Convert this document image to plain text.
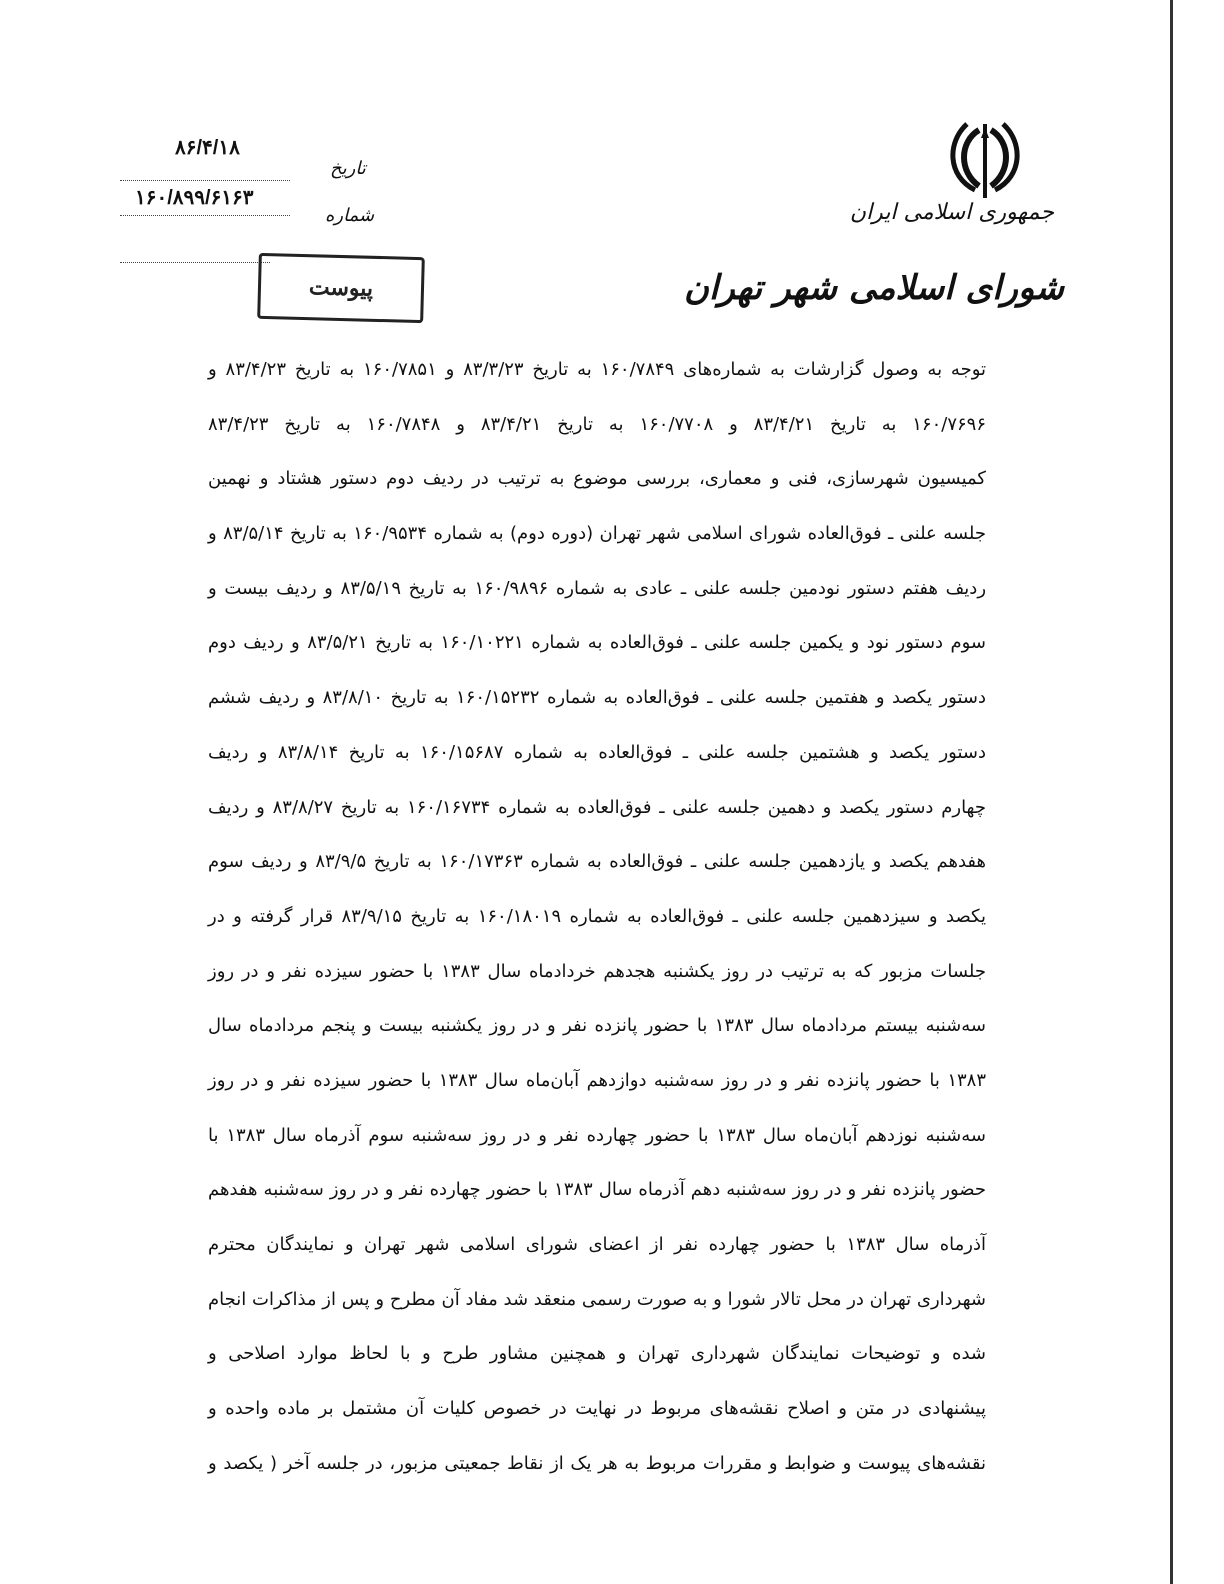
جمهوری اسلامی ایران
شورای اسلامی شهر تهران
۸۶/۴/۱۸
۱۶۰/۸۹۹/۶۱۶۳
تاریخ
شماره
پیوست
توجه به وصول گزارشات به شماره‌های ۱۶۰/۷۸۴۹ به تاریخ ۸۳/۳/۲۳ و ۱۶۰/۷۸۵۱ به تاریخ ۸۳/۴/۲۳ و
۱۶۰/۷۶۹۶ به تاریخ ۸۳/۴/۲۱ و ۱۶۰/۷۷۰۸ به تاریخ ۸۳/۴/۲۱ و ۱۶۰/۷۸۴۸ به تاریخ ۸۳/۴/۲۳
کمیسیون شهرسازی، فنی و معماری، بررسی موضوع به ترتیب در ردیف دوم دستور هشتاد و نهمین
جلسه علنی ـ فوق‌العاده شورای اسلامی شهر تهران (دوره دوم) به شماره ۱۶۰/۹۵۳۴ به تاریخ ۸۳/۵/۱۴ و
ردیف هفتم دستور نودمین جلسه علنی ـ عادی به شماره ۱۶۰/۹۸۹۶ به تاریخ ۸۳/۵/۱۹ و ردیف بیست و
سوم دستور نود و یکمین جلسه علنی ـ فوق‌العاده به شماره ۱۶۰/۱۰۲۲۱ به تاریخ ۸۳/۵/۲۱ و ردیف دوم
دستور یکصد و هفتمین جلسه علنی ـ فوق‌العاده به شماره ۱۶۰/۱۵۲۳۲ به تاریخ ۸۳/۸/۱۰ و ردیف ششم
دستور یکصد و هشتمین جلسه علنی ـ فوق‌العاده به شماره ۱۶۰/۱۵۶۸۷ به تاریخ ۸۳/۸/۱۴ و ردیف
چهارم دستور یکصد و دهمین جلسه علنی ـ فوق‌العاده به شماره ۱۶۰/۱۶۷۳۴ به تاریخ ۸۳/۸/۲۷ و ردیف
هفدهم یکصد و یازدهمین جلسه علنی ـ فوق‌العاده به شماره ۱۶۰/۱۷۳۶۳ به تاریخ ۸۳/۹/۵ و ردیف سوم
یکصد و سیزدهمین جلسه علنی ـ فوق‌العاده به شماره ۱۶۰/۱۸۰۱۹ به تاریخ ۸۳/۹/۱۵ قرار گرفته و در
جلسات مزبور که به ترتیب در روز یکشنبه هجدهم خردادماه سال ۱۳۸۳ با حضور سیزده نفر و در روز
سه‌شنبه بیستم مردادماه سال ۱۳۸۳ با حضور پانزده نفر و در روز یکشنبه بیست و پنجم مردادماه سال
۱۳۸۳ با حضور پانزده نفر و در روز سه‌شنبه دوازدهم آبان‌ماه سال ۱۳۸۳ با حضور سیزده نفر و در روز
سه‌شنبه نوزدهم آبان‌ماه سال ۱۳۸۳ با حضور چهارده نفر و در روز سه‌شنبه سوم آذرماه سال ۱۳۸۳ با
حضور پانزده نفر و در روز سه‌شنبه دهم آذرماه سال ۱۳۸۳ با حضور چهارده نفر و در روز سه‌شنبه هفدهم
آذرماه سال ۱۳۸۳ با حضور چهارده نفر از اعضای شورای اسلامی شهر تهران و نمایندگان محترم
شهرداری تهران در محل تالار شورا و به صورت رسمی منعقد شد مفاد آن مطرح و پس از مذاکرات انجام
شده و توضیحات نمایندگان شهرداری تهران و همچنین مشاور طرح و با لحاظ موارد اصلاحی و
پیشنهادی در متن و اصلاح نقشه‌های مربوط در نهایت در خصوص کلیات آن مشتمل بر ماده واحده و
نقشه‌های پیوست و ضوابط و مقررات مربوط به هر یک از نقاط جمعیتی مزبور، در جلسه آخر ( یکصد و
